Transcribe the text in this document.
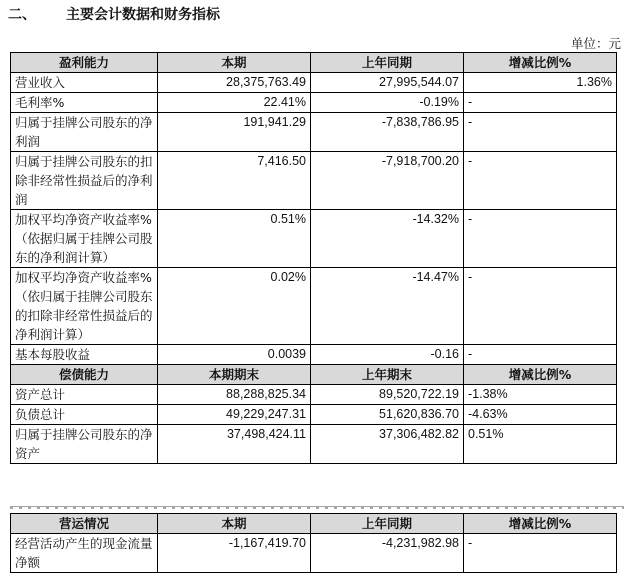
二、 主要会计数据和财务指标
单位：元
盈利能力	本期	上年同期	增减比例%
营业收入	28,375,763.49	27,995,544.07	1.36%
毛利率%	22.41%	-0.19%	-
归属于挂牌公司股东的净利润	191,941.29	-7,838,786.95	-
归属于挂牌公司股东的扣除非经常性损益后的净利润	7,416.50	-7,918,700.20	-
加权平均净资产收益率%（依据归属于挂牌公司股东的净利润计算）	0.51%	-14.32%	-
加权平均净资产收益率%（依归属于挂牌公司股东的扣除非经常性损益后的净利润计算）	0.02%	-14.47%	-
基本每股收益	0.0039	-0.16	-
偿债能力	本期期末	上年期末	增减比例%
资产总计	88,288,825.34	89,520,722.19	-1.38%
负债总计	49,229,247.31	51,620,836.70	-4.63%
归属于挂牌公司股东的净资产	37,498,424.11	37,306,482.82	0.51%
营运情况	本期	上年同期	增减比例%
经营活动产生的现金流量净额	-1,167,419.70	-4,231,982.98	-
